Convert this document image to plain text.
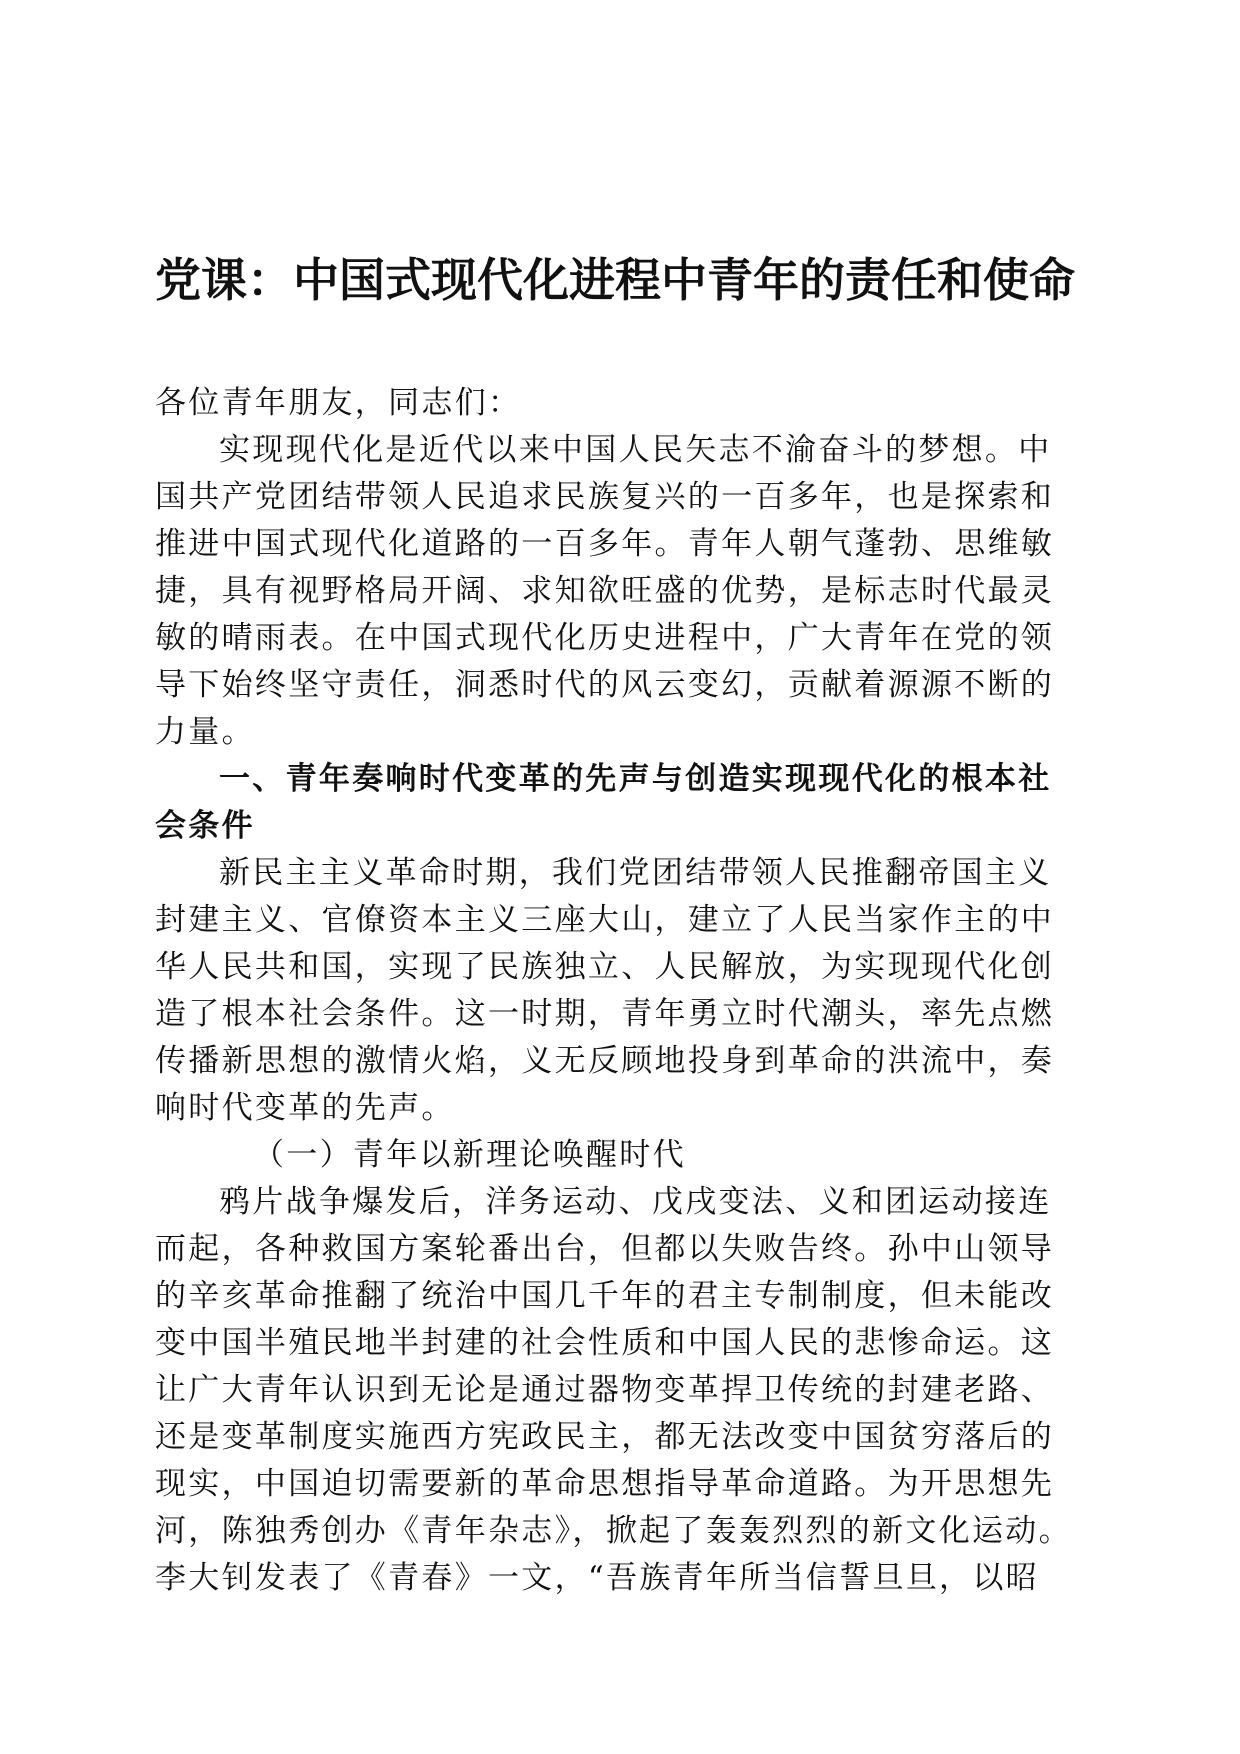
党课：中国式现代化进程中青年的责任和使命
各位青年朋友，同志们：
实现现代化是近代以来中国人民矢志不渝奋斗的梦想。中
国共产党团结带领人民追求民族复兴的一百多年，也是探索和
推进中国式现代化道路的一百多年。青年人朝气蓬勃、思维敏
捷，具有视野格局开阔、求知欲旺盛的优势，是标志时代最灵
敏的晴雨表。在中国式现代化历史进程中，广大青年在党的领
导下始终坚守责任，洞悉时代的风云变幻，贡献着源源不断的
力量。
一、青年奏响时代变革的先声与创造实现现代化的根本社
会条件
新民主主义革命时期，我们党团结带领人民推翻帝国主义
封建主义、官僚资本主义三座大山，建立了人民当家作主的中
华人民共和国，实现了民族独立、人民解放，为实现现代化创
造了根本社会条件。这一时期，青年勇立时代潮头，率先点燃
传播新思想的激情火焰，义无反顾地投身到革命的洪流中，奏
响时代变革的先声。
（一）青年以新理论唤醒时代
鸦片战争爆发后，洋务运动、戊戌变法、义和团运动接连
而起，各种救国方案轮番出台，但都以失败告终。孙中山领导
的辛亥革命推翻了统治中国几千年的君主专制制度，但未能改
变中国半殖民地半封建的社会性质和中国人民的悲惨命运。这
让广大青年认识到无论是通过器物变革捍卫传统的封建老路、
还是变革制度实施西方宪政民主，都无法改变中国贫穷落后的
现实，中国迫切需要新的革命思想指导革命道路。为开思想先
河，陈独秀创办《青年杂志》，掀起了轰轰烈烈的新文化运动。
李大钊发表了《青春》一文，“吾族青年所当信誓旦旦，以昭
